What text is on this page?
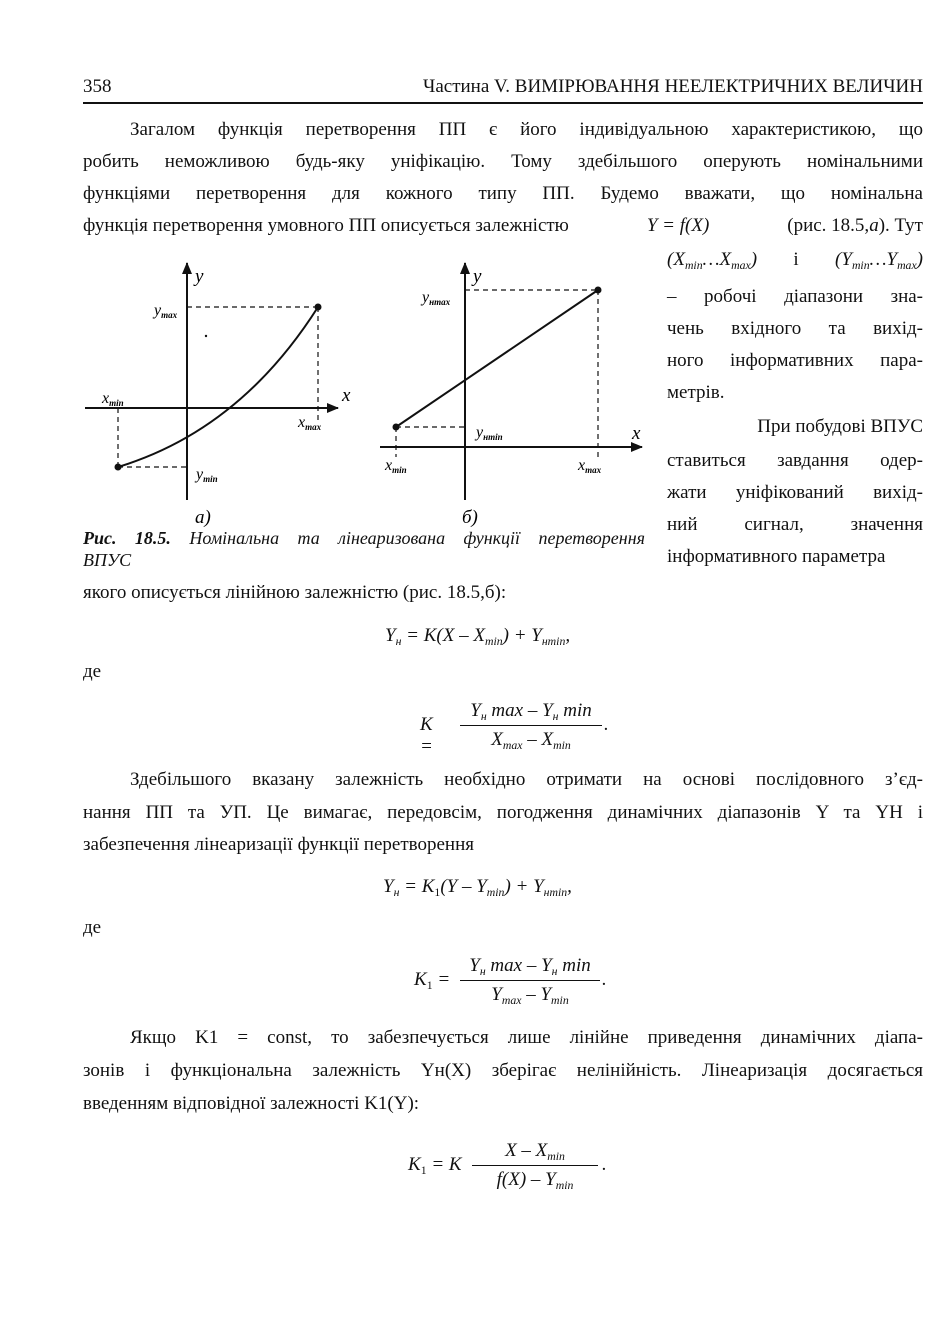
358	Частина V. ВИМІРЮВАННЯ НЕЕЛЕКТРИЧНИХ ВЕЛИЧИН
Загалом функція перетворення ПП є його індивідуальною характеристикою, що
робить неможливою будь-яку уніфікацію. Тому здебільшого оперують номінальними
функціями перетворення для кожного типу ПП. Будемо вважати, що номінальна
функція перетворення умовного ПП описується залежністю	Y = f(X)	(рис. 18.5,а). Тут
$(X_{min}\dots X_{max})$ і $(Y_{min}\dots Y_{max})$
– робочі діапазони зна-
чень вхідного та вихід-
ного інформативних пара-
метрів.
При побудові ВПУС
ставиться завдання одер-
жати уніфікований вихід-
ний сигнал, значення
інформативного параметра
y
x
ymax
xmin
xmax
ymin
а)
y
x
yнmax
yнmin
xmin	xmax
б)
Рис. 18.5. Номінальна та лінеаризована функції перетворення
ВПУС
якого описується лінійною залежністю (рис. 18.5,б):
$Y_н = K(X - X_{min}) + Y_{нmin}$,
де
K =
$Y_н$ max – $Y_н$ min
$X_{max} - X_{min}$
.
Здебільшого вказану залежність необхідно отримати на основі послідовного з’єд-
нання ПП та УП. Це вимагає, передовсім, погодження динамічних діапазонів Y та YН і
забезпечення лінеаризації функції перетворення
$Y_н = K_1(Y - Y_{min}) + Y_{нmin}$,
де
$K_1$ =
$Y_н$ max – $Y_н$ min
$Y_{max} - Y_{min}$
.
Якщо K1 = const, то забезпечується лише лінійне приведення динамічних діапа-
зонів і функціональна залежність Yн(X) зберігає нелінійність. Лінеаризація досягається
введенням відповідної залежності K1(Y):
$K_1 = K$
X – $X_{min}$
$f(X) - Y_{min}$
.
